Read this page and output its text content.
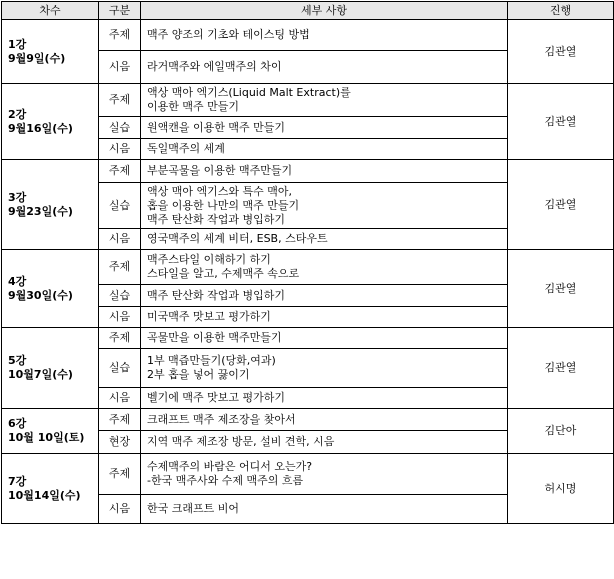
차수	구분	세부 사항	진행

1강
9월9일(수)	주제	맥주 양조의 기초와 테이스팅 방법	김관열
	시음	라거맥주와 에일맥주의 차이	

2강
9월16일(수)	주제	액상 맥아 엑기스(Liquid Malt Extract)를
이용한 맥주 만들기	김관열
	실습	원액캔을 이용한 맥주 만들기	

	시음	독일맥주의 세계	

3강
9월23일(수)	주제	부분곡물을 이용한 맥주만들기	김관열
	실습	액상 맥아 엑기스와 특수 맥아,
홉을 이용한 나만의 맥주 만들기
맥주 탄산화 작업과 병입하기	

	시음	영국맥주의 세계 비터, ESB, 스타우트	

4강
9월30일(수)	주제	맥주스타일 이해하기 하기
스타일을 알고, 수제맥주 속으로	김관열
	실습	맥주 탄산화 작업과 병입하기	

	시음	미국맥주 맛보고 평가하기	

5강
10월7일(수)	주제	곡물만을 이용한 맥주만들기	김관열
	실습	1부 맥즙만들기(당화,여과)
2부 홉을 넣어 끓이기	

	시음	벨기에 맥주 맛보고 평가하기	

6강
10월 10일(토)	주제	크래프트 맥주 제조장을 찾아서	김단아
	현장	지역 맥주 제조장 방문, 설비 견학, 시음	

7강
10월14일(수)	주제	수제맥주의 바람은 어디서 오는가?
-한국 맥주사와 수제 맥주의 흐름	허시명
	시음	한국 크래프트 비어	
